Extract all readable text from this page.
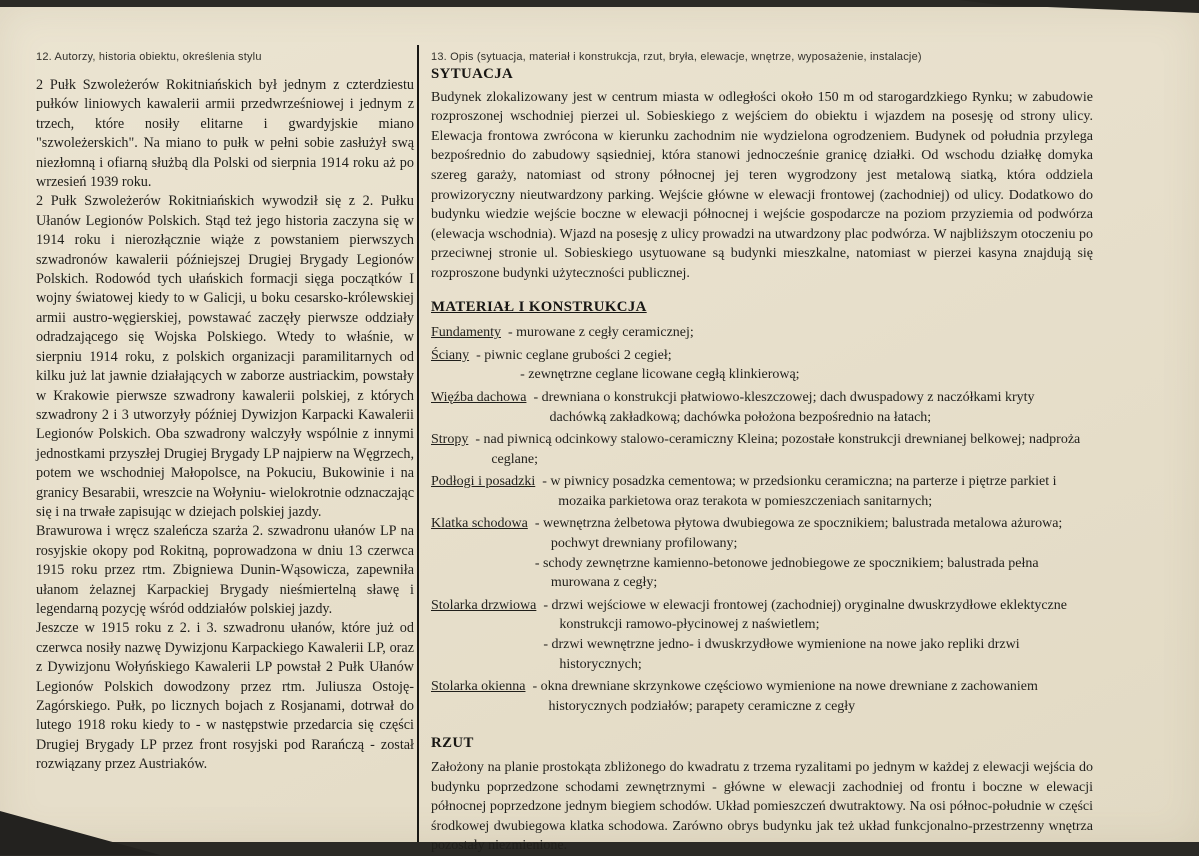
12. Autorzy, historia obiektu, określenia stylu	13. Opis (sytuacja, materiał i konstrukcja, rzut, bryła, elewacje, wnętrze, wyposażenie, instalacje)

2 Pułk Szwoleżerów Rokitniańskich był jednym z czterdziestu pułków liniowych kawalerii armii przedwrześniowej i jednym z trzech, które nosiły elitarne i gwardyjskie miano "szwoleżerskich". Na miano to pułk w pełni sobie zasłużył swą niezłomną i ofiarną służbą dla Polski od sierpnia 1914 roku aż po wrzesień 1939 roku.

2 Pułk Szwoleżerów Rokitniańskich wywodził się z 2. Pułku Ułanów Legionów Polskich. Stąd też jego historia zaczyna się w 1914 roku i nierozłącznie wiąże z powstaniem pierwszych szwadronów kawalerii późniejszej Drugiej Brygady Legionów Polskich. Rodowód tych ułańskich formacji sięga początków I wojny światowej kiedy to w Galicji, u boku cesarsko-królewskiej armii austro-węgierskiej, powstawać zaczęły pierwsze oddziały odradzającego się Wojska Polskiego. Wtedy to właśnie, w sierpniu 1914 roku, z polskich organizacji paramilitarnych od kilku już lat jawnie działających w zaborze austriackim, powstały w Krakowie pierwsze szwadrony kawalerii polskiej, z których szwadrony 2 i 3 utworzyły później Dywizjon Karpacki Kawalerii Legionów Polskich. Oba szwadrony walczyły wspólnie z innymi jednostkami przyszłej Drugiej Brygady LP najpierw na Węgrzech, potem we wschodniej Małopolsce, na Pokuciu, Bukowinie i na granicy Besarabii, wreszcie na Wołyniu- wielokrotnie odznaczając się i na trwałe zapisując w dziejach polskiej jazdy.

Brawurowa i wręcz szaleńcza szarża 2. szwadronu ułanów LP na rosyjskie okopy pod Rokitną, poprowadzona w dniu 13 czerwca 1915 roku przez rtm. Zbigniewa Dunin-Wąsowicza, zapewniła ułanom żelaznej Karpackiej Brygady nieśmiertelną sławę i legendarną pozycję wśród oddziałów polskiej jazdy.

Jeszcze w 1915 roku z 2. i 3. szwadronu ułanów, które już od czerwca nosiły nazwę Dywizjonu Karpackiego Kawalerii LP, oraz z Dywizjonu Wołyńskiego Kawalerii LP powstał 2 Pułk Ułanów Legionów Polskich dowodzony przez rtm. Juliusza Ostoję-Zagórskiego. Pułk, po licznych bojach z Rosjanami, dotrwał do lutego 1918 roku kiedy to - w następstwie przedarcia się części Drugiej Brygady LP przez front rosyjski pod Rarańczą - został rozwiązany przez Austriaków.

SYTUACJA

Budynek zlokalizowany jest w centrum miasta w odległości około 150 m od starogardzkiego Rynku; w zabudowie rozproszonej wschodniej pierzei ul. Sobieskiego z wejściem do obiektu i wjazdem na posesję od strony ulicy. Elewacja frontowa zwrócona w kierunku zachodnim nie wydzielona ogrodzeniem. Budynek od południa przylega bezpośrednio do zabudowy sąsiedniej, która stanowi jednocześnie granicę działki. Od wschodu działkę domyka szereg garaży, natomiast od strony północnej jej teren wygrodzony jest metalową siatką, która oddziela prowizoryczny nieutwardzony parking. Wejście główne w elewacji frontowej (zachodniej) od ulicy. Dodatkowo do budynku wiedzie wejście boczne w elewacji północnej i wejście gospodarcze na poziom przyziemia od podwórza (elewacja wschodnia). Wjazd na posesję z ulicy prowadzi na utwardzony plac podwórza. W najbliższym otoczeniu po przeciwnej stronie ul. Sobieskiego usytuowane są budynki mieszkalne, natomiast w pierzei kasyna znajdują się rozproszone budynki użyteczności publicznej.

MATERIAŁ I KONSTRUKCJA
Fundamenty - murowane z cegły ceramicznej;
Ściany - piwnic ceglane grubości 2 cegieł;
- zewnętrzne ceglane licowane cegłą klinkierową;
Więźba dachowa - drewniana o konstrukcji płatwiowo-kleszczowej; dach dwuspadowy z naczółkami kryty dachówką zakładkową; dachówka położona bezpośrednio na łatach;
Stropy - nad piwnicą odcinkowy stalowo-ceramiczny Kleina; pozostałe konstrukcji drewnianej belkowej; nadproża ceglane;
Podłogi i posadzki - w piwnicy posadzka cementowa; w przedsionku ceramiczna; na parterze i piętrze parkiet i mozaika parkietowa oraz terakota w pomieszczeniach sanitarnych;
Klatka schodowa - wewnętrzna żelbetowa płytowa dwubiegowa ze spocznikiem; balustrada metalowa ażurowa; pochwyt drewniany profilowany;
- schody zewnętrzne kamienno-betonowe jednobiegowe ze spocznikiem; balustrada pełna murowana z cegły;
Stolarka drzwiowa - drzwi wejściowe w elewacji frontowej (zachodniej) oryginalne dwuskrzydłowe eklektyczne konstrukcji ramowo-płycinowej z naświetlem;
- drzwi wewnętrzne jedno- i dwuskrzydłowe wymienione na nowe jako repliki drzwi historycznych;
Stolarka okienna - okna drewniane skrzynkowe częściowo wymienione na nowe drewniane z zachowaniem historycznych podziałów; parapety ceramiczne z cegły
RZUT

Założony na planie prostokąta zbliżonego do kwadratu z trzema ryzalitami po jednym w każdej z elewacji wejścia do budynku poprzedzone schodami zewnętrznymi - główne w elewacji zachodniej od frontu i boczne w elewacji północnej poprzedzone jednym biegiem schodów. Układ pomieszczeń dwutraktowy. Na osi północ-południe w części środkowej dwubiegowa klatka schodowa. Zarówno obrys budynku jak też układ funkcjonalno-przestrzenny wnętrza pozostały niezmienione.
